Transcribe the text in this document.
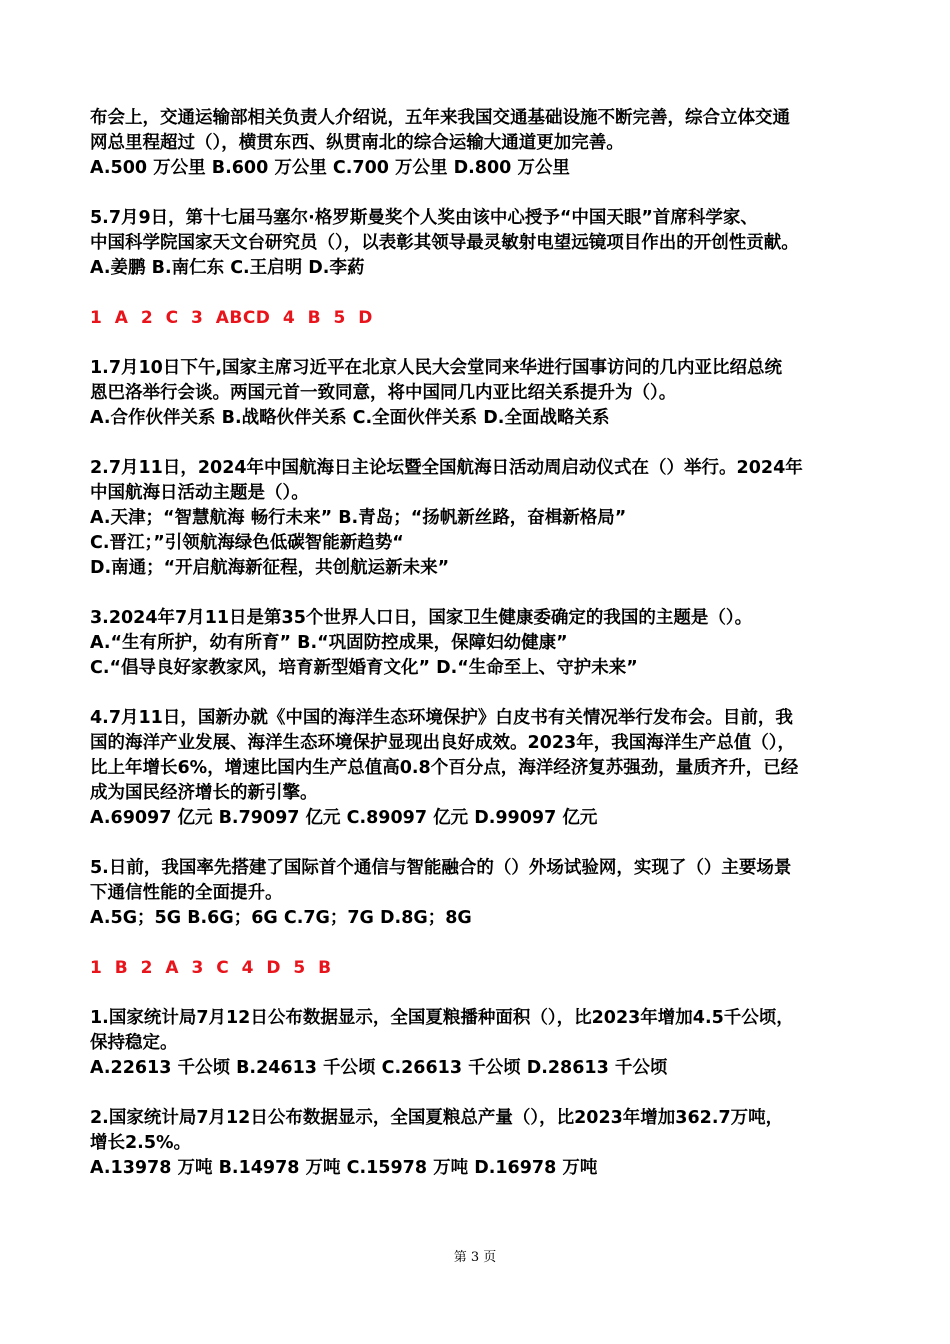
布会上，交通运输部相关负责人介绍说，五年来我国交通基础设施不断完善，综合立体交通
网总里程超过（），横贯东西、纵贯南北的综合运输大通道更加完善。
A.500 万公里 B.600 万公里 C.700 万公里 D.800 万公里
5.7月9日，第十七届马塞尔·格罗斯曼奖个人奖由该中心授予“中国天眼”首席科学家、
中国科学院国家天文台研究员（），以表彰其领导最灵敏射电望远镜项目作出的开创性贡献。
A.姜鹏 B.南仁东 C.王启明 D.李葯
1 A 2 C 3 ABCD 4 B 5 D
1.7月10日下午,国家主席习近平在北京人民大会堂同来华进行国事访问的几内亚比绍总统
恩巴洛举行会谈。两国元首一致同意，将中国同几内亚比绍关系提升为（）。
A.合作伙伴关系 B.战略伙伴关系 C.全面伙伴关系 D.全面战略关系
2.7月11日，2024年中国航海日主论坛暨全国航海日活动周启动仪式在（）举行。2024年
中国航海日活动主题是（）。
A.天津；“智慧航海 畅行未来” B.青岛；“扬帆新丝路，奋楫新格局”
C.晋江；”引领航海绿色低碳智能新趋势“
D.南通；“开启航海新征程，共创航运新未来”
3.2024年7月11日是第35个世界人口日，国家卫生健康委确定的我国的主题是（）。
A.“生有所护，幼有所育” B.“巩固防控成果，保障妇幼健康”
C.“倡导良好家教家风，培育新型婚育文化” D.“生命至上、守护未来”
4.7月11日，国新办就《中国的海洋生态环境保护》白皮书有关情况举行发布会。目前，我
国的海洋产业发展、海洋生态环境保护显现出良好成效。2023年，我国海洋生产总值（），
比上年增长6%，增速比国内生产总值高0.8个百分点，海洋经济复苏强劲，量质齐升，已经
成为国民经济增长的新引擎。
A.69097 亿元 B.79097 亿元 C.89097 亿元 D.99097 亿元
5.日前，我国率先搭建了国际首个通信与智能融合的（）外场试验网，实现了（）主要场景
下通信性能的全面提升。
A.5G；5G B.6G；6G C.7G；7G D.8G；8G
1 B 2 A 3 C 4 D 5 B
1.国家统计局7月12日公布数据显示，全国夏粮播种面积（），比2023年增加4.5千公顷，
保持稳定。
A.22613 千公顷 B.24613 千公顷 C.26613 千公顷 D.28613 千公顷
2.国家统计局7月12日公布数据显示，全国夏粮总产量（），比2023年增加362.7万吨，
增长2.5%。
A.13978 万吨 B.14978 万吨 C.15978 万吨 D.16978 万吨
第 3 页
